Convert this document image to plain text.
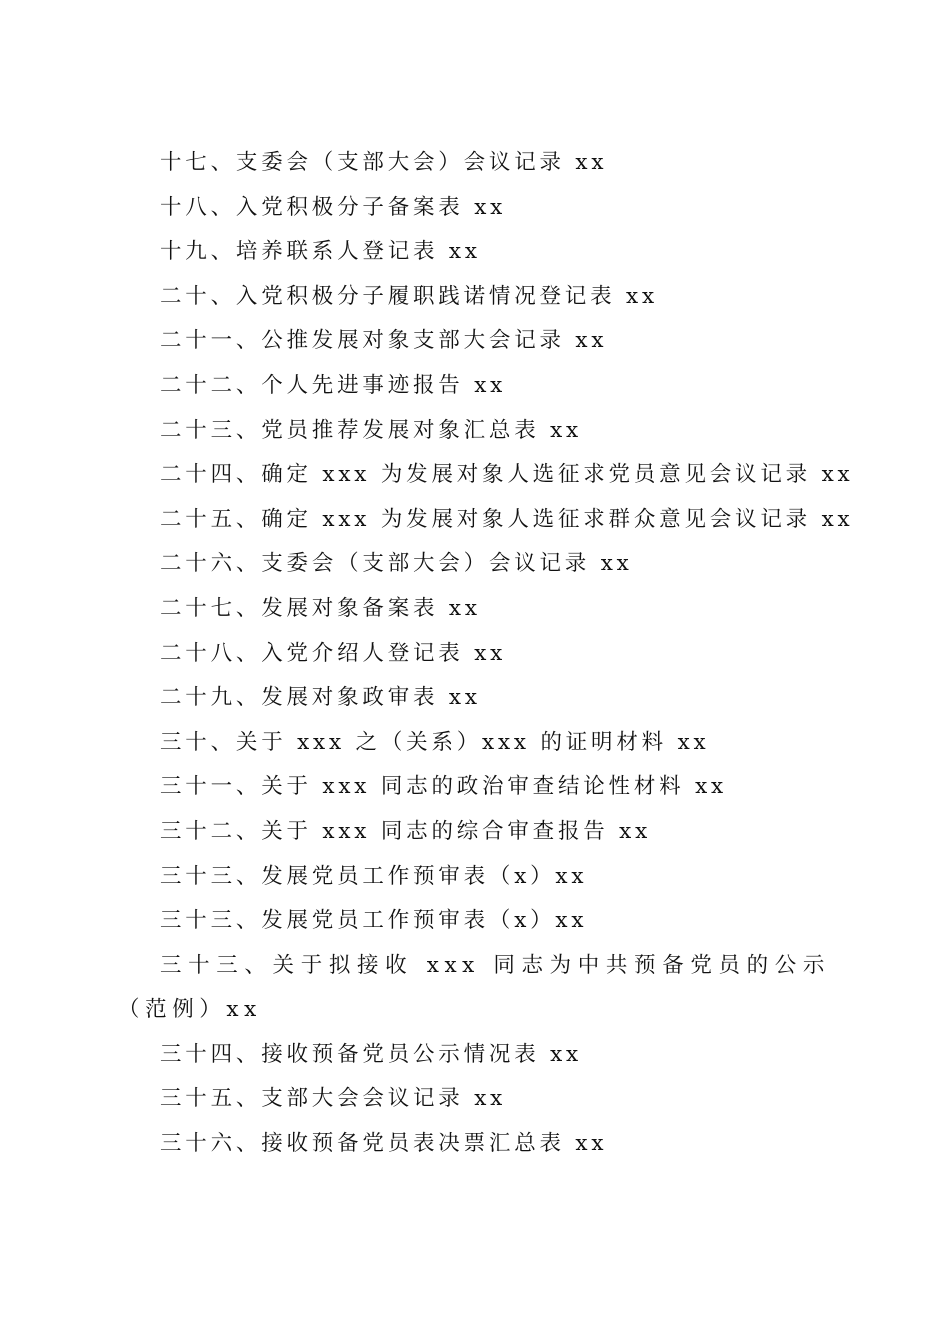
十七、支委会（支部大会）会议记录 xx
十八、入党积极分子备案表 xx
十九、培养联系人登记表 xx
二十、入党积极分子履职践诺情况登记表 xx
二十一、公推发展对象支部大会记录 xx
二十二、个人先进事迹报告 xx
二十三、党员推荐发展对象汇总表 xx
二十四、确定 xxx 为发展对象人选征求党员意见会议记录 xx
二十五、确定 xxx 为发展对象人选征求群众意见会议记录 xx
二十六、支委会（支部大会）会议记录 xx
二十七、发展对象备案表 xx
二十八、入党介绍人登记表 xx
二十九、发展对象政审表 xx
三十、关于 xxx 之（关系）xxx 的证明材料 xx
三十一、关于 xxx 同志的政治审查结论性材料 xx
三十二、关于 xxx 同志的综合审查报告 xx
三十三、发展党员工作预审表（x）xx
三十三、发展党员工作预审表（x）xx
三十三、关于拟接收 xxx 同志为中共预备党员的公示（范例）xx
三十四、接收预备党员公示情况表 xx
三十五、支部大会会议记录 xx
三十六、接收预备党员表决票汇总表 xx
